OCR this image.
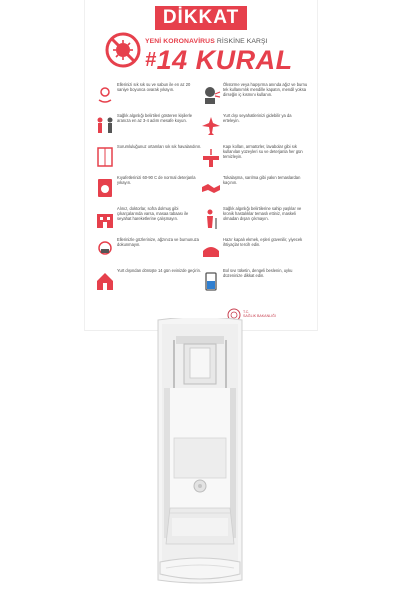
DİKKAT
YENİ KORONAVİRUS RİSKİNE KARŞI
#14 KURAL
Ellerinizi sık sık su ve sabun ile en az 20 saniye boyunca ovarak yıkayın.
Sağlık algınlığı belirtileri gösteren kişilerle aranıza en az 3-4 adım mesafe koyun.
Sorumluluğunuz ortamları sık sık havalandırın.
Kıyafetlerinizi 60-90 C de normal deterjanla yıkayın.
Alınız, doktorlar, sofra dolmuş gibi çıkarçalarında varsa, masaa tabaası ile seyahat hareketlerine çalışmayın.
Ellerinizle gözlerinize, ağzınıza ve burnunuza dokunmayın.
Yurt dışından dönüşte 14 gün evinizde geçirin.
Öksürme veya hapşırma anında ağız ve burnu tek kullanımlık mendille kapatın, mendil yoksa dirseğin iç kısmını kullanın.
Yurt dışı seyahatlerinizi gidebilir ya da erteleyin.
Kapı kolları, armatürler, lavabolar gibi sık kullanılan yüzeyleri su ve deterjanla her gün temizleyin.
Tokalaşma, sarılma gibi yakın temaslardan kaçının.
Sağlık algınlığı belirtilerine sahip yaşlılar ve kronik hastalıklar temaslı ettiniz, maskeli olmadan dışarı çıkmayın.
Hazır kapalı ekmek, eşleri güvenilir, yiyecek ihtiyaçlar tercih edin.
Bol sıvı tüketin, dengeli beslenin, uyku düzeninize dikkat edin.
T.C.
SAĞLIK BAKANLIĞI
